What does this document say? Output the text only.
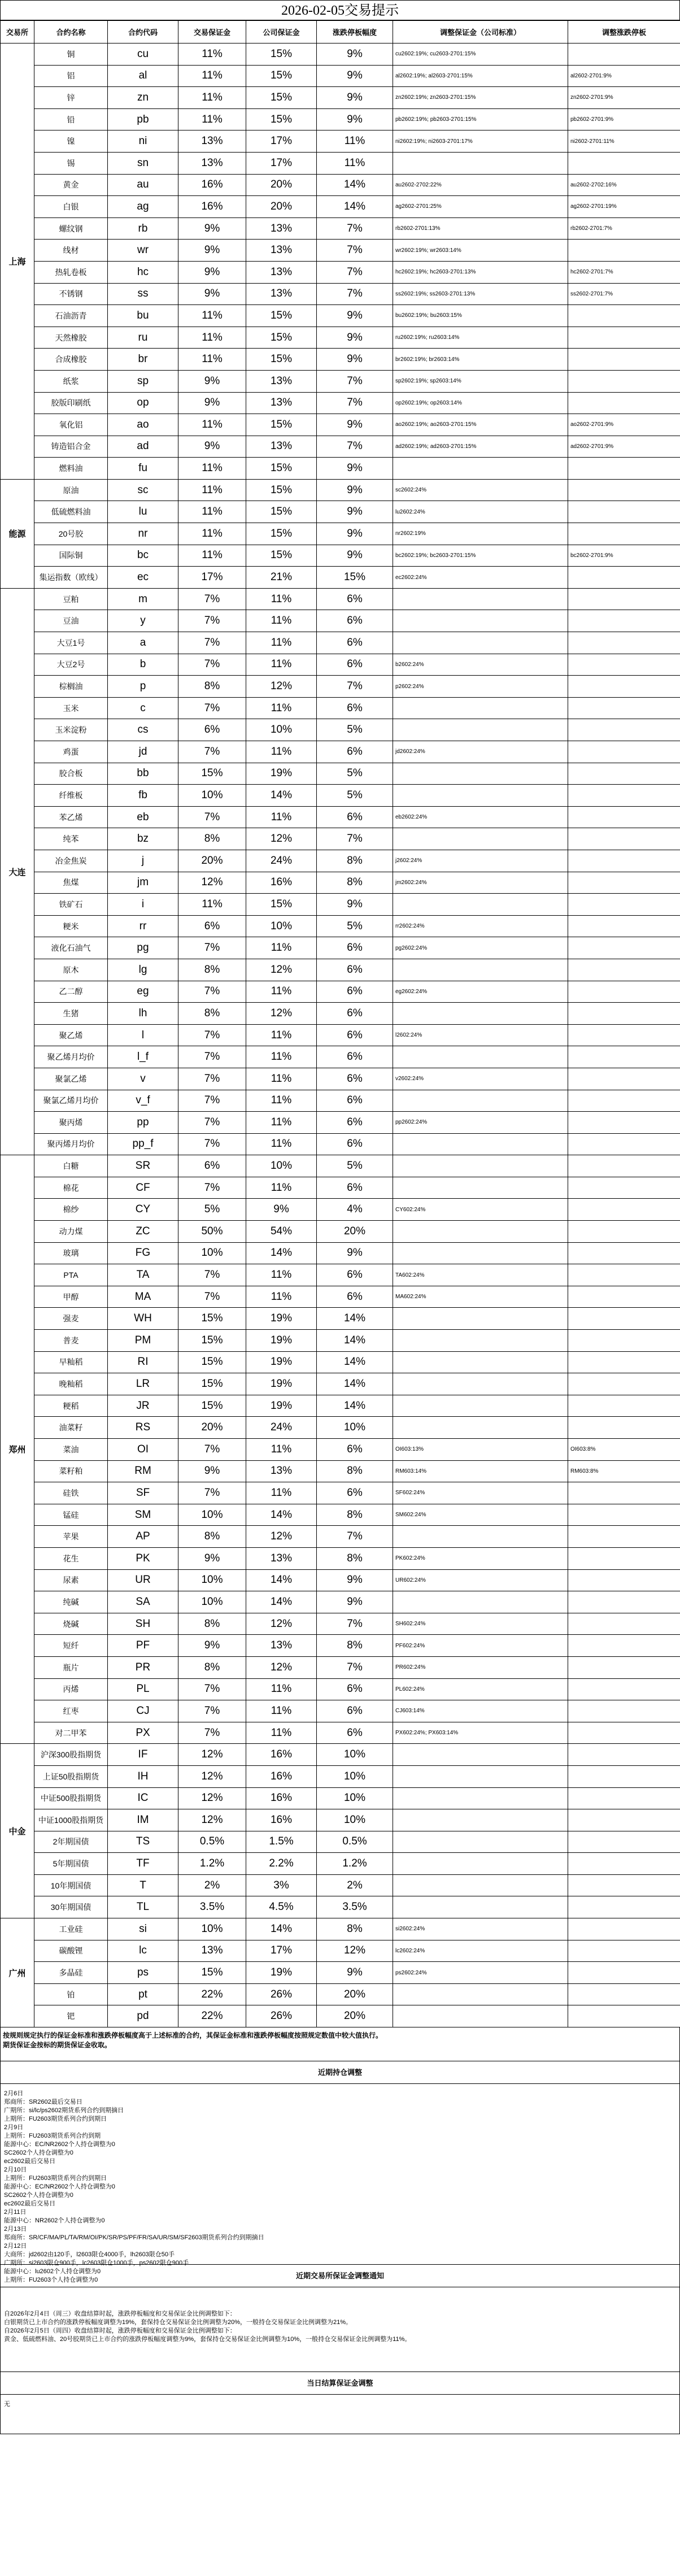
2026-02-05交易提示
交易所	合约名称	合约代码	交易保证金	公司保证金	涨跌停板幅度	调整保证金（公司标准）	调整涨跌停板
上海	铜	cu	11%	15%	9%	cu2602:19%; cu2603-2701:15%	
	铝	al	11%	15%	9%	al2602:19%; al2603-2701:15%	al2602-2701:9%
	锌	zn	11%	15%	9%	zn2602:19%; zn2603-2701:15%	zn2602-2701:9%
	铅	pb	11%	15%	9%	pb2602:19%; pb2603-2701:15%	pb2602-2701:9%
	镍	ni	13%	17%	11%	ni2602:19%; ni2603-2701:17%	ni2602-2701:11%
	锡	sn	13%	17%	11%		
	黄金	au	16%	20%	14%	au2602-2702:22%	au2602-2702:16%
	白银	ag	16%	20%	14%	ag2602-2701:25%	ag2602-2701:19%
	螺纹钢	rb	9%	13%	7%	rb2602-2701:13%	rb2602-2701:7%
	线材	wr	9%	13%	7%	wr2602:19%; wr2603:14%	
	热轧卷板	hc	9%	13%	7%	hc2602:19%; hc2603-2701:13%	hc2602-2701:7%
	不锈钢	ss	9%	13%	7%	ss2602:19%; ss2603-2701:13%	ss2602-2701:7%
	石油沥青	bu	11%	15%	9%	bu2602:19%; bu2603:15%	
	天然橡胶	ru	11%	15%	9%	ru2602:19%; ru2603:14%	
	合成橡胶	br	11%	15%	9%	br2602:19%; br2603:14%	
	纸浆	sp	9%	13%	7%	sp2602:19%; sp2603:14%	
	胶版印刷纸	op	9%	13%	7%	op2602:19%; op2603:14%	
	氧化铝	ao	11%	15%	9%	ao2602:19%; ao2603-2701:15%	ao2602-2701:9%
	铸造铝合金	ad	9%	13%	7%	ad2602:19%; ad2603-2701:15%	ad2602-2701:9%
	燃料油	fu	11%	15%	9%		
能源	原油	sc	11%	15%	9%	sc2602:24%	
	低硫燃料油	lu	11%	15%	9%	lu2602:24%	
	20号胶	nr	11%	15%	9%	nr2602:19%	
	国际铜	bc	11%	15%	9%	bc2602:19%; bc2603-2701:15%	bc2602-2701:9%
	集运指数（欧线）	ec	17%	21%	15%	ec2602:24%	
大连	豆粕	m	7%	11%	6%		
	豆油	y	7%	11%	6%		
	大豆1号	a	7%	11%	6%		
	大豆2号	b	7%	11%	6%	b2602:24%	
	棕榈油	p	8%	12%	7%	p2602:24%	
	玉米	c	7%	11%	6%		
	玉米淀粉	cs	6%	10%	5%		
	鸡蛋	jd	7%	11%	6%	jd2602:24%	
	胶合板	bb	15%	19%	5%		
	纤维板	fb	10%	14%	5%		
	苯乙烯	eb	7%	11%	6%	eb2602:24%	
	纯苯	bz	8%	12%	7%		
	冶金焦炭	j	20%	24%	8%	j2602:24%	
	焦煤	jm	12%	16%	8%	jm2602:24%	
	铁矿石	i	11%	15%	9%		
	粳米	rr	6%	10%	5%	rr2602:24%	
	液化石油气	pg	7%	11%	6%	pg2602:24%	
	原木	lg	8%	12%	6%		
	乙二醇	eg	7%	11%	6%	eg2602:24%	
	生猪	lh	8%	12%	6%		
	聚乙烯	l	7%	11%	6%	l2602:24%	
	聚乙烯月均价	l_f	7%	11%	6%		
	聚氯乙烯	v	7%	11%	6%	v2602:24%	
	聚氯乙烯月均价	v_f	7%	11%	6%		
	聚丙烯	pp	7%	11%	6%	pp2602:24%	
	聚丙烯月均价	pp_f	7%	11%	6%		
郑州	白糖	SR	6%	10%	5%		
	棉花	CF	7%	11%	6%		
	棉纱	CY	5%	9%	4%	CY602:24%	
	动力煤	ZC	50%	54%	20%		
	玻璃	FG	10%	14%	9%		
	PTA	TA	7%	11%	6%	TA602:24%	
	甲醇	MA	7%	11%	6%	MA602:24%	
	强麦	WH	15%	19%	14%		
	普麦	PM	15%	19%	14%		
	早籼稻	RI	15%	19%	14%		
	晚籼稻	LR	15%	19%	14%		
	粳稻	JR	15%	19%	14%		
	油菜籽	RS	20%	24%	10%		
	菜油	OI	7%	11%	6%	OI603:13%	OI603:8%
	菜籽粕	RM	9%	13%	8%	RM603:14%	RM603:8%
	硅铁	SF	7%	11%	6%	SF602:24%	
	锰硅	SM	10%	14%	8%	SM602:24%	
	苹果	AP	8%	12%	7%		
	花生	PK	9%	13%	8%	PK602:24%	
	尿素	UR	10%	14%	9%	UR602:24%	
	纯碱	SA	10%	14%	9%		
	烧碱	SH	8%	12%	7%	SH602:24%	
	短纤	PF	9%	13%	8%	PF602:24%	
	瓶片	PR	8%	12%	7%	PR602:24%	
	丙烯	PL	7%	11%	6%	PL602:24%	
	红枣	CJ	7%	11%	6%	CJ603:14%	
	对二甲苯	PX	7%	11%	6%	PX602:24%; PX603:14%	
中金	沪深300股指期货	IF	12%	16%	10%		
	上证50股指期货	IH	12%	16%	10%		
	中证500股指期货	IC	12%	16%	10%		
	中证1000股指期货	IM	12%	16%	10%		
	2年期国债	TS	0.5%	1.5%	0.5%		
	5年期国债	TF	1.2%	2.2%	1.2%		
	10年期国债	T	2%	3%	2%		
	30年期国债	TL	3.5%	4.5%	3.5%		
广州	工业硅	si	10%	14%	8%	si2602:24%	
	碳酸锂	lc	13%	17%	12%	lc2602:24%	
	多晶硅	ps	15%	19%	9%	ps2602:24%	
	铂	pt	22%	26%	20%		
	钯	pd	22%	26%	20%		
按规则规定执行的保证金标准和涨跌停板幅度高于上述标准的合约，其保证金标准和涨跌停板幅度按照规定数值中较大值执行。
期货保证金按标的期货保证金收取。
近期持仓调整
2月6日
郑商所：SR2602最后交易日
广期所：si/lc/ps2602期货系列合约到期摘日
上期所：FU2603期货系列合约到期日
2月9日
上期所：FU2603期货系列合约到期
能源中心：EC/NR2602个人持仓调整为0
SC2602个人持仓调整为0
ec2602最后交易日
2月10日
上期所：FU2603期货系列合约到期日
能源中心：EC/NR2602个人持仓调整为0
SC2602个人持仓调整为0
ec2602最后交易日
2月11日
能源中心：NR2602个人持仓调整为0
2月13日
郑商所：SR/CF/MA/PL/TA/RM/OI/PK/SR/PS/PF/FR/SA/UR/SM/SF2603期货系列合约到期摘日
2月12日
大商所：jd2602由120手，l2603限仓4000手，lh2603限仓50手
广期所：si2603限仓900手，lc2603限仓1000手，ps2602限仓900手
能源中心：lu2602个人持仓调整为0
上期所：FU2603个人持仓调整为0	近期交易所保证金调整通知
自2026年2月4日（周三）收盘结算时起，涨跌停板幅度和交易保证金比例调整如下：
白银期货已上市合约的涨跌停板幅度调整为19%，套保持仓交易保证金比例调整为20%，一般持仓交易保证金比例调整为21%。
自2026年2月5日（周四）收盘结算时起，涨跌停板幅度和交易保证金比例调整如下：
黄金、低硫燃料油、20号胶期货已上市合约的涨跌停板幅度调整为9%，套保持仓交易保证金比例调整为10%，一般持仓交易保证金比例调整为11%。
当日结算保证金调整
无
